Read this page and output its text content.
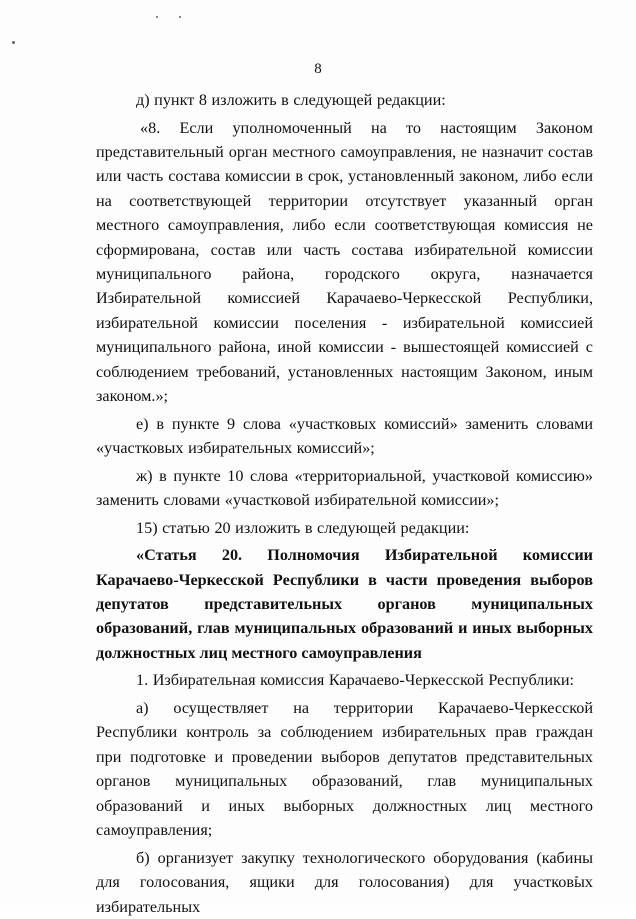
8

д) пункт 8 изложить в следующей редакции:

«8. Если уполномоченный на то настоящим Законом представительный орган местного самоуправления, не назначит состав или часть состава комиссии в срок, установленный законом, либо если на соответствующей территории отсутствует указанный орган местного самоуправления, либо если соответствующая комиссия не сформирована, состав или часть состава избирательной комиссии муниципального района, городского округа, назначается Избирательной комиссией Карачаево-Черкесской Республики, избирательной комиссии поселения - избирательной комиссией муниципального района, иной комиссии - вышестоящей комиссией с соблюдением требований, установленных настоящим Законом, иным законом.»;

е) в пункте 9 слова «участковых комиссий» заменить словами «участковых избирательных комиссий»;

ж) в пункте 10 слова «территориальной, участковой комиссию» заменить словами «участковой избирательной комиссии»;

15) статью 20 изложить в следующей редакции:

«Статья 20. Полномочия Избирательной комиссии Карачаево-Черкесской Республики в части проведения выборов депутатов представительных органов муниципальных образований, глав муниципальных образований и иных выборных должностных лиц местного самоуправления

1. Избирательная комиссия Карачаево-Черкесской Республики:

а) осуществляет на территории Карачаево-Черкесской Республики контроль за соблюдением избирательных прав граждан при подготовке и проведении выборов депутатов представительных органов муниципальных образований, глав муниципальных образований и иных выборных должностных лиц местного самоуправления;

б) организует закупку технологического оборудования (кабины для голосования, ящики для голосования) для участковых избирательных
